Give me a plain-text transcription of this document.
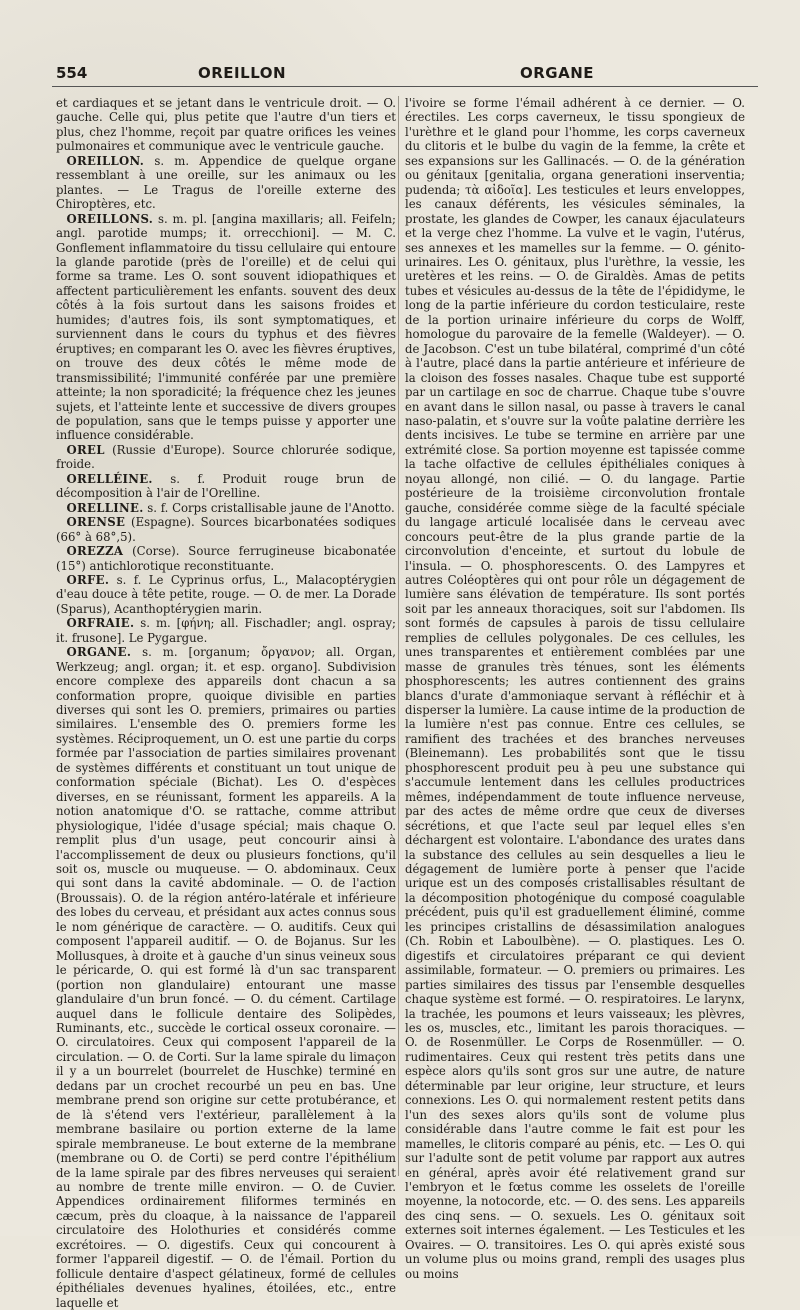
554	OREILLON	ORGANE

et cardiaques et se jetant dans le ventricule droit. — O. gauche. Celle qui, plus petite que l'autre d'un tiers et plus, chez l'homme, reçoit par quatre orifices les veines pulmonaires et communique avec le ventricule gauche.

OREILLON. s. m. Appendice de quelque organe ressemblant à une oreille, sur les animaux ou les plantes. — Le Tragus de l'oreille externe des Chiroptères, etc.

OREILLONS. s. m. pl. [angina maxillaris; all. Feifeln; angl. parotide mumps; it. orrecchioni]. — M. C. Gonflement inflammatoire du tissu cellulaire qui entoure la glande parotide (près de l'oreille) et de celui qui forme sa trame. Les O. sont souvent idiopathiques et affectent particulièrement les enfants. souvent des deux côtés à la fois surtout dans les saisons froides et humides; d'autres fois, ils sont symptomatiques, et surviennent dans le cours du typhus et des fièvres éruptives; en comparant les O. avec les fièvres éruptives, on trouve des deux côtés le même mode de transmissibilité; l'immunité conférée par une première atteinte; la non sporadicité; la fréquence chez les jeunes sujets, et l'atteinte lente et successive de divers groupes de population, sans que le temps puisse y apporter une influence considérable.

OREL (Russie d'Europe). Source chlorurée sodique, froide.

ORELLÉINE. s. f. Produit rouge brun de décomposition à l'air de l'Orelline.

ORELLINE. s. f. Corps cristallisable jaune de l'Anotto.

ORENSE (Espagne). Sources bicarbonatées sodiques (66° à 68°,5).

OREZZA (Corse). Source ferrugineuse bicabonatée (15°) antichlorotique reconstituante.

ORFE. s. f. Le Cyprinus orfus, L., Malacoptérygien d'eau douce à tête petite, rouge. — O. de mer. La Dorade (Sparus), Acanthoptérygien marin.

ORFRAIE. s. m. [φήνη; all. Fischadler; angl. ospray; it. frusone]. Le Pygargue.

ORGANE. s. m. [organum; ὄργανον; all. Organ, Werkzeug; angl. organ; it. et esp. organo]. Subdivision encore complexe des appareils dont chacun a sa conformation propre, quoique divisible en parties diverses qui sont les O. premiers, primaires ou parties similaires. L'ensemble des O. premiers forme les systèmes. Réciproquement, un O. est une partie du corps formée par l'association de parties similaires provenant de systèmes différents et constituant un tout unique de conformation spéciale (Bichat). Les O. d'espèces diverses, en se réunissant, forment les appareils. A la notion anatomique d'O. se rattache, comme attribut physiologique, l'idée d'usage spécial; mais chaque O. remplit plus d'un usage, peut concourir ainsi à l'accomplissement de deux ou plusieurs fonctions, qu'il soit os, muscle ou muqueuse. — O. abdominaux. Ceux qui sont dans la cavité abdominale. — O. de l'action (Broussais). O. de la région antéro-latérale et inférieure des lobes du cerveau, et présidant aux actes connus sous le nom générique de caractère. — O. auditifs. Ceux qui composent l'appareil auditif. — O. de Bojanus. Sur les Mollusques, à droite et à gauche d'un sinus veineux sous le péricarde, O. qui est formé là d'un sac transparent (portion non glandulaire) entourant une masse glandulaire d'un brun foncé. — O. du cément. Cartilage auquel dans le follicule dentaire des Solipèdes, Ruminants, etc., succède le cortical osseux coronaire. — O. circulatoires. Ceux qui composent l'appareil de la circulation. — O. de Corti. Sur la lame spirale du limaçon il y a un bourrelet (bourrelet de Huschke) terminé en dedans par un crochet recourbé un peu en bas. Une membrane prend son origine sur cette protubérance, et de là s'étend vers l'extérieur, parallèlement à la membrane basilaire ou portion externe de la lame spirale membraneuse. Le bout externe de la membrane (membrane ou O. de Corti) se perd contre l'épithélium de la lame spirale par des fibres nerveuses qui seraient au nombre de trente mille environ. — O. de Cuvier. Appendices ordinairement filiformes terminés en cæcum, près du cloaque, à la naissance de l'appareil circulatoire des Holothuries et considérés comme excrétoires. — O. digestifs. Ceux qui concourent à former l'appareil digestif. — O. de l'émail. Portion du follicule dentaire d'aspect gélatineux, formé de cellules épithéliales devenues hyalines, étoilées, etc., entre laquelle et

l'ivoire se forme l'émail adhérent à ce dernier. — O. érectiles. Les corps caverneux, le tissu spongieux de l'urèthre et le gland pour l'homme, les corps caverneux du clitoris et le bulbe du vagin de la femme, la crête et ses expansions sur les Gallinacés. — O. de la génération ou génitaux [genitalia, organa generationi inserventia; pudenda; τὰ αἰδοῖα]. Les testicules et leurs enveloppes, les canaux déférents, les vésicules séminales, la prostate, les glandes de Cowper, les canaux éjaculateurs et la verge chez l'homme. La vulve et le vagin, l'utérus, ses annexes et les mamelles sur la femme. — O. génito-urinaires. Les O. génitaux, plus l'urèthre, la vessie, les uretères et les reins. — O. de Giraldès. Amas de petits tubes et vésicules au-dessus de la tête de l'épididyme, le long de la partie inférieure du cordon testiculaire, reste de la portion urinaire inférieure du corps de Wolff, homologue du parovaire de la femelle (Waldeyer). — O. de Jacobson. C'est un tube bilatéral, comprimé d'un côté à l'autre, placé dans la partie antérieure et inférieure de la cloison des fosses nasales. Chaque tube est supporté par un cartilage en soc de charrue. Chaque tube s'ouvre en avant dans le sillon nasal, ou passe à travers le canal naso-palatin, et s'ouvre sur la voûte palatine derrière les dents incisives. Le tube se termine en arrière par une extrémité close. Sa portion moyenne est tapissée comme la tache olfactive de cellules épithéliales coniques à noyau allongé, non cilié. — O. du langage. Partie postérieure de la troisième circonvolution frontale gauche, considérée comme siège de la faculté spéciale du langage articulé localisée dans le cerveau avec concours peut-être de la plus grande partie de la circonvolution d'enceinte, et surtout du lobule de l'insula. — O. phosphorescents. O. des Lampyres et autres Coléoptères qui ont pour rôle un dégagement de lumière sans élévation de température. Ils sont portés soit par les anneaux thoraciques, soit sur l'abdomen. Ils sont formés de capsules à parois de tissu cellulaire remplies de cellules polygonales. De ces cellules, les unes transparentes et entièrement comblées par une masse de granules très ténues, sont les éléments phosphorescents; les autres contiennent des grains blancs d'urate d'ammoniaque servant à réfléchir et à disperser la lumière. La cause intime de la production de la lumière n'est pas connue. Entre ces cellules, se ramifient des trachées et des branches nerveuses (Bleinemann). Les probabilités sont que le tissu phosphorescent produit peu à peu une substance qui s'accumule lentement dans les cellules productrices mêmes, indépendamment de toute influence nerveuse, par des actes de même ordre que ceux de diverses sécrétions, et que l'acte seul par lequel elles s'en déchargent est volontaire. L'abondance des urates dans la substance des cellules au sein desquelles a lieu le dégagement de lumière porte à penser que l'acide urique est un des composés cristallisables résultant de la décomposition photogénique du composé coagulable précédent, puis qu'il est graduellement éliminé, comme les principes cristallins de désassimilation analogues (Ch. Robin et Laboulbène). — O. plastiques. Les O. digestifs et circulatoires préparant ce qui devient assimilable, formateur. — O. premiers ou primaires. Les parties similaires des tissus par l'ensemble desquelles chaque système est formé. — O. respiratoires. Le larynx, la trachée, les poumons et leurs vaisseaux; les plèvres, les os, muscles, etc., limitant les parois thoraciques. — O. de Rosenmüller. Le Corps de Rosenmüller. — O. rudimentaires. Ceux qui restent très petits dans une espèce alors qu'ils sont gros sur une autre, de nature déterminable par leur origine, leur structure, et leurs connexions. Les O. qui normalement restent petits dans l'un des sexes alors qu'ils sont de volume plus considérable dans l'autre comme le fait est pour les mamelles, le clitoris comparé au pénis, etc. — Les O. qui sur l'adulte sont de petit volume par rapport aux autres en général, après avoir été relativement grand sur l'embryon et le fœtus comme les osselets de l'oreille moyenne, la notocorde, etc. — O. des sens. Les appareils des cinq sens. — O. sexuels. Les O. génitaux soit externes soit internes également. — Les Testicules et les Ovaires. — O. transitoires. Les O. qui après existé sous un volume plus ou moins grand, rempli des usages plus ou moins
